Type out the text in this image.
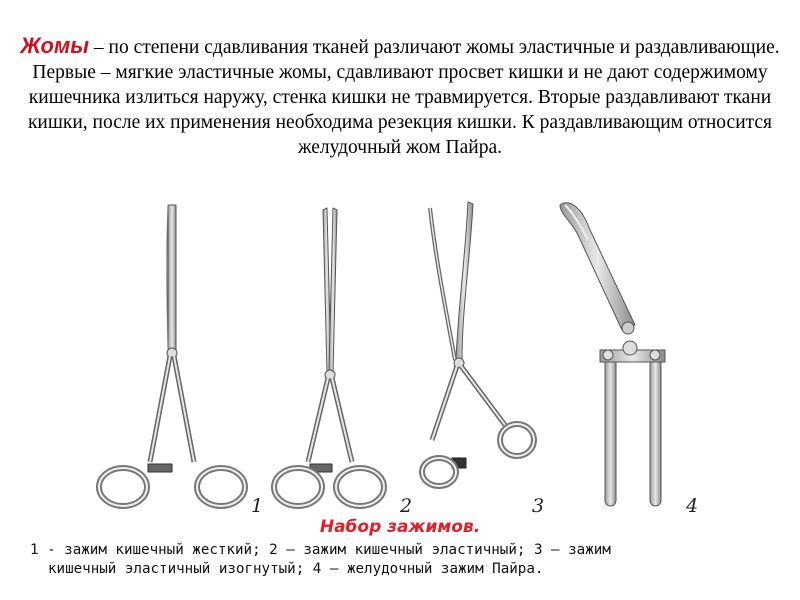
Жомы – по степени сдавливания тканей различают жомы эластичные и раздавливающие. Первые – мягкие эластичные жомы, сдавливают просвет кишки и не дают содержимому кишечника излиться наружу, стенка кишки не травмируется. Вторые раздавливают ткани кишки, после их применения необходима резекция кишки. К раздавливающим относится желудочный жом Пайра.
1	2	3	4
Набор зажимов.
1 - зажим кишечный жесткий; 2 – зажим кишечный эластичный; 3 – зажим
кишечный эластичный изогнутый; 4 – желудочный зажим Пайра.
